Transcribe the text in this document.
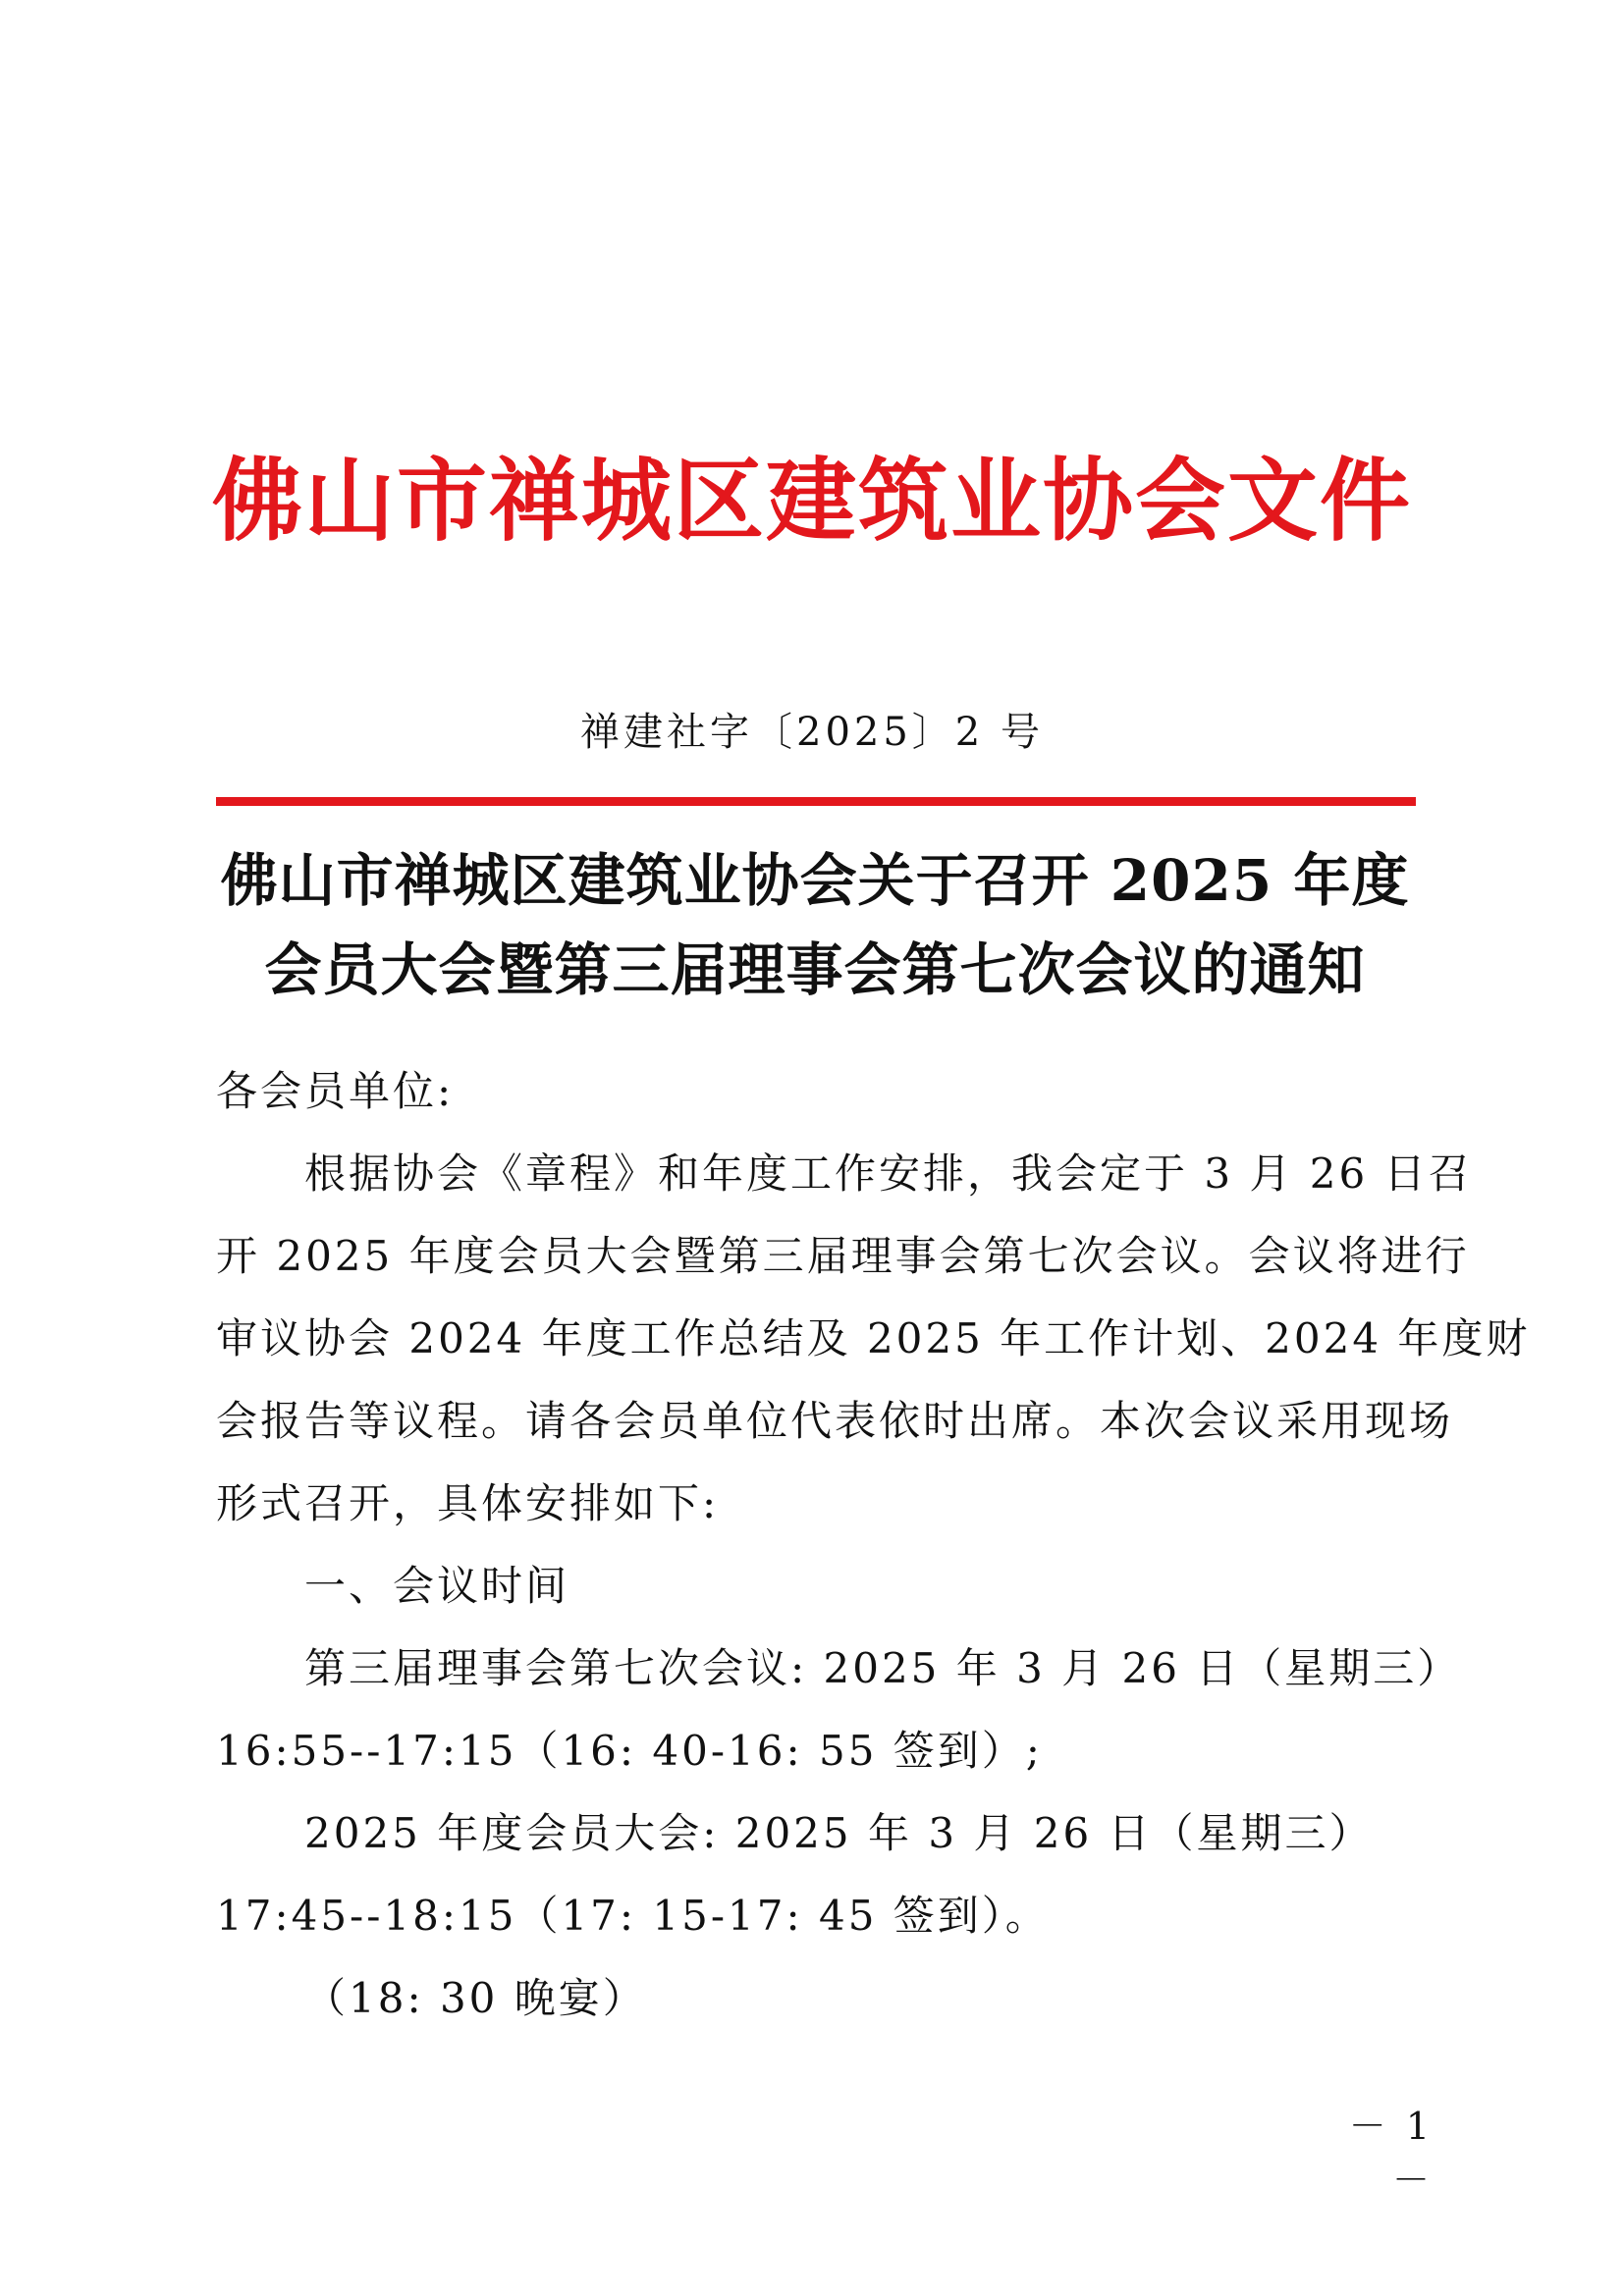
佛山市禅城区建筑业协会文件
禅建社字〔2025〕2 号
佛山市禅城区建筑业协会关于召开 2025 年度
会员大会暨第三届理事会第七次会议的通知
各会员单位:
根据协会《章程》和年度工作安排，我会定于 3 月 26 日召
开 2025 年度会员大会暨第三届理事会第七次会议。会议将进行
审议协会 2024 年度工作总结及 2025 年工作计划、2024 年度财
会报告等议程。请各会员单位代表依时出席。本次会议采用现场
形式召开，具体安排如下:
一、会议时间
第三届理事会第七次会议: 2025 年 3 月 26 日（星期三）
16:55--17:15（16: 40-16: 55 签到）;
2025 年度会员大会: 2025 年 3 月 26 日（星期三）
17:45--18:15（17: 15-17: 45 签到）。
（18: 30 晚宴）
－ 1 －
